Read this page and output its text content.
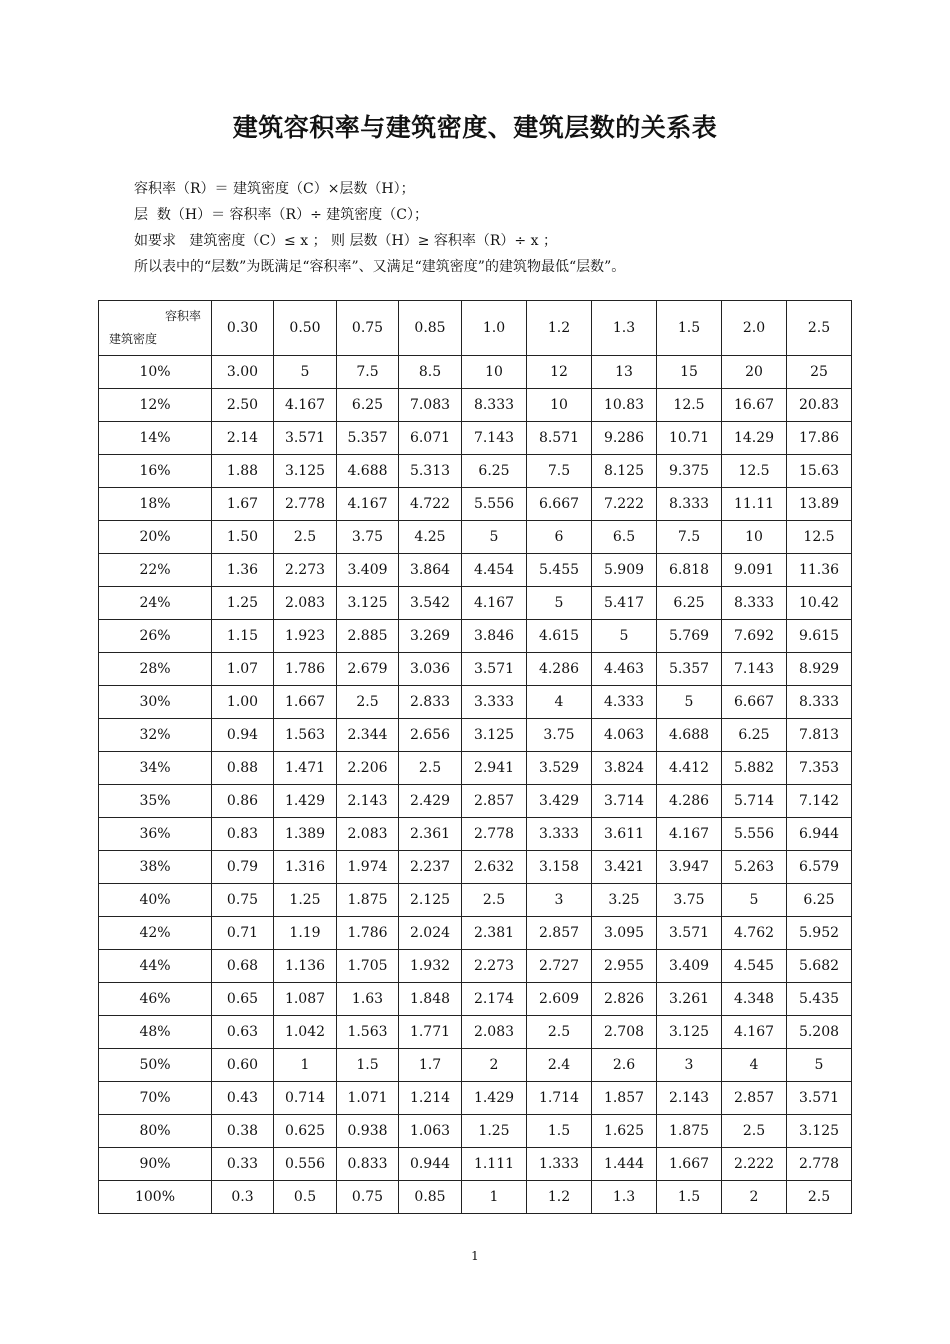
建筑容积率与建筑密度、建筑层数的关系表
容积率（R）＝ 建筑密度（C）×层数（H）；
层  数（H）＝ 容积率（R）÷ 建筑密度（C）；
如要求   建筑密度（C）≤ x ； 则 层数（H）≥ 容积率（R）÷ x ；
所以表中的“层数”为既满足“容积率”、又满足“建筑密度”的建筑物最低“层数”。
容积率
建筑密度	0.30	0.50	0.75	0.85	1.0	1.2	1.3	1.5	2.0	2.5
10%	3.00	5	7.5	8.5	10	12	13	15	20	25
12%	2.50	4.167	6.25	7.083	8.333	10	10.83	12.5	16.67	20.83
14%	2.14	3.571	5.357	6.071	7.143	8.571	9.286	10.71	14.29	17.86
16%	1.88	3.125	4.688	5.313	6.25	7.5	8.125	9.375	12.5	15.63
18%	1.67	2.778	4.167	4.722	5.556	6.667	7.222	8.333	11.11	13.89
20%	1.50	2.5	3.75	4.25	5	6	6.5	7.5	10	12.5
22%	1.36	2.273	3.409	3.864	4.454	5.455	5.909	6.818	9.091	11.36
24%	1.25	2.083	3.125	3.542	4.167	5	5.417	6.25	8.333	10.42
26%	1.15	1.923	2.885	3.269	3.846	4.615	5	5.769	7.692	9.615
28%	1.07	1.786	2.679	3.036	3.571	4.286	4.463	5.357	7.143	8.929
30%	1.00	1.667	2.5	2.833	3.333	4	4.333	5	6.667	8.333
32%	0.94	1.563	2.344	2.656	3.125	3.75	4.063	4.688	6.25	7.813
34%	0.88	1.471	2.206	2.5	2.941	3.529	3.824	4.412	5.882	7.353
35%	0.86	1.429	2.143	2.429	2.857	3.429	3.714	4.286	5.714	7.142
36%	0.83	1.389	2.083	2.361	2.778	3.333	3.611	4.167	5.556	6.944
38%	0.79	1.316	1.974	2.237	2.632	3.158	3.421	3.947	5.263	6.579
40%	0.75	1.25	1.875	2.125	2.5	3	3.25	3.75	5	6.25
42%	0.71	1.19	1.786	2.024	2.381	2.857	3.095	3.571	4.762	5.952
44%	0.68	1.136	1.705	1.932	2.273	2.727	2.955	3.409	4.545	5.682
46%	0.65	1.087	1.63	1.848	2.174	2.609	2.826	3.261	4.348	5.435
48%	0.63	1.042	1.563	1.771	2.083	2.5	2.708	3.125	4.167	5.208
50%	0.60	1	1.5	1.7	2	2.4	2.6	3	4	5
70%	0.43	0.714	1.071	1.214	1.429	1.714	1.857	2.143	2.857	3.571
80%	0.38	0.625	0.938	1.063	1.25	1.5	1.625	1.875	2.5	3.125
90%	0.33	0.556	0.833	0.944	1.111	1.333	1.444	1.667	2.222	2.778
100%	0.3	0.5	0.75	0.85	1	1.2	1.3	1.5	2	2.5
1
